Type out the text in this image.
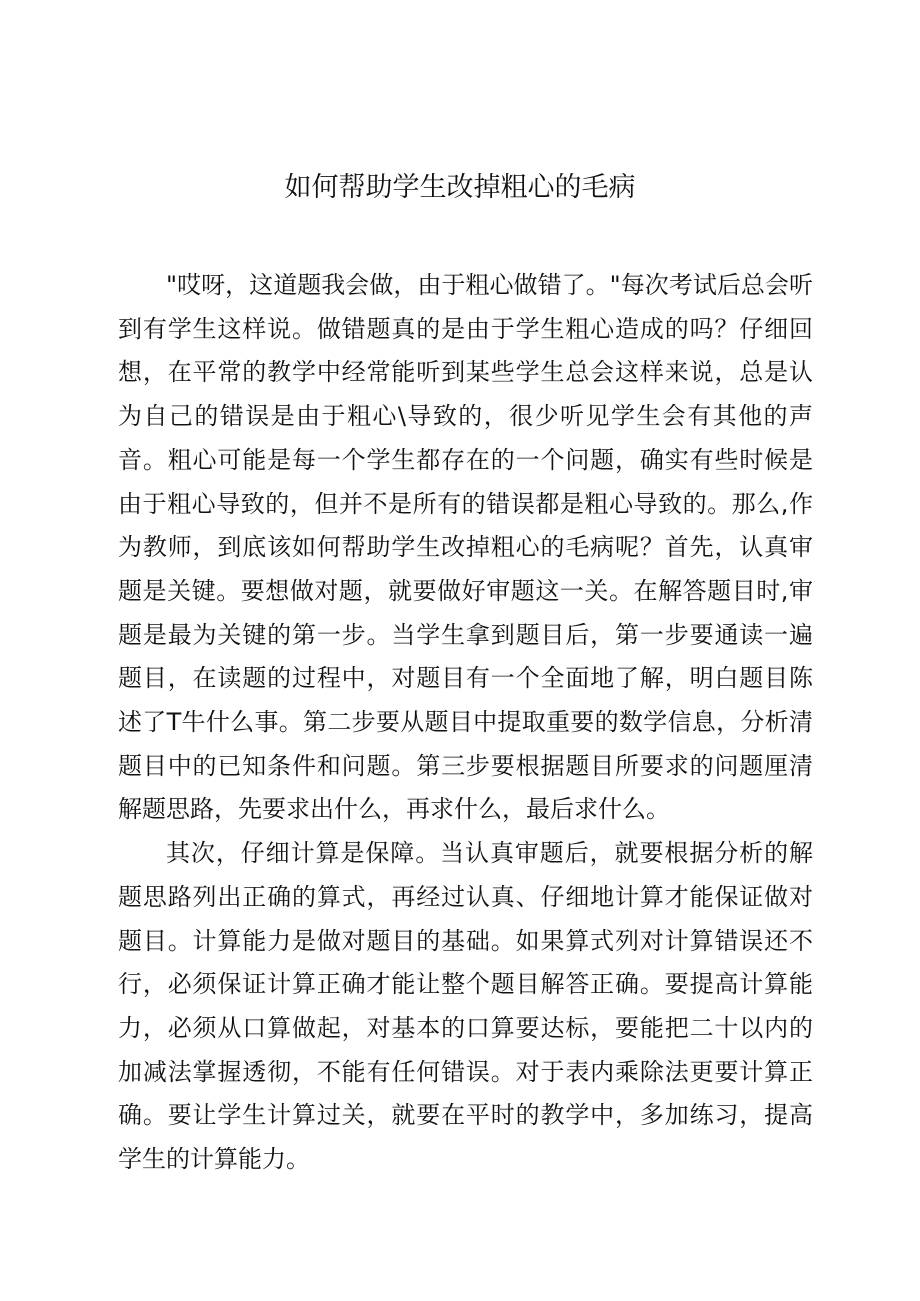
如何帮助学生改掉粗心的毛病

"哎呀，这道题我会做，由于粗心做错了。"每次考试后总会听到有学生这样说。做错题真的是由于学生粗心造成的吗？仔细回想，在平常的教学中经常能听到某些学生总会这样来说，总是认为自己的错误是由于粗心\导致的，很少听见学生会有其他的声音。粗心可能是每一个学生都存在的一个问题，确实有些时候是由于粗心导致的，但并不是所有的错误都是粗心导致的。那么,作为教师，到底该如何帮助学生改掉粗心的毛病呢？首先，认真审题是关键。要想做对题，就要做好审题这一关。在解答题目时,审题是最为关键的第一步。当学生拿到题目后，第一步要通读一遍题目，在读题的过程中，对题目有一个全面地了解，明白题目陈述了T牛什么事。第二步要从题目中提取重要的数学信息，分析清题目中的已知条件和问题。第三步要根据题目所要求的问题厘清解题思路，先要求出什么，再求什么，最后求什么。

其次，仔细计算是保障。当认真审题后，就要根据分析的解题思路列出正确的算式，再经过认真、仔细地计算才能保证做对题目。计算能力是做对题目的基础。如果算式列对计算错误还不行，必须保证计算正确才能让整个题目解答正确。要提高计算能力，必须从口算做起，对基本的口算要达标，要能把二十以内的加减法掌握透彻，不能有任何错误。对于表内乘除法更要计算正确。要让学生计算过关，就要在平时的教学中，多加练习，提高学生的计算能力。
